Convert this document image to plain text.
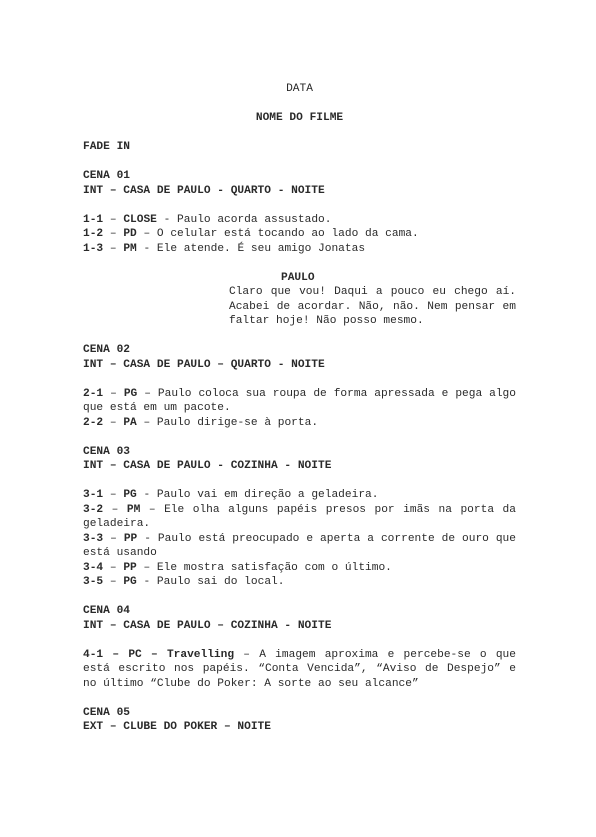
DATA
NOME DO FILME
FADE IN
CENA 01
INT – CASA DE PAULO - QUARTO - NOITE
1-1 – CLOSE - Paulo acorda assustado.
1-2 – PD – O celular está tocando ao lado da cama.
1-3 – PM - Ele atende. É seu amigo Jonatas
PAULO
Claro que vou! Daqui a pouco eu chego aí. Acabei de acordar. Não, não. Nem pensar em faltar hoje! Não posso mesmo.
CENA 02
INT – CASA DE PAULO – QUARTO - NOITE
2-1 – PG – Paulo coloca sua roupa de forma apressada e pega algo que está em um pacote.
2-2 – PA – Paulo dirige-se à porta.
CENA 03
INT – CASA DE PAULO - COZINHA - NOITE
3-1 – PG - Paulo vai em direção a geladeira.
3-2 – PM – Ele olha alguns papéis presos por imãs na porta da geladeira.
3-3 – PP - Paulo está preocupado e aperta a corrente de ouro que está usando
3-4 – PP – Ele mostra satisfação com o último.
3-5 – PG - Paulo sai do local.
CENA 04
INT – CASA DE PAULO – COZINHA - NOITE
4-1 – PC – Travelling – A imagem aproxima e percebe-se o que está escrito nos papéis. “Conta Vencida”, “Aviso de Despejo” e no último “Clube do Poker: A sorte ao seu alcance”
CENA 05
EXT – CLUBE DO POKER – NOITE
